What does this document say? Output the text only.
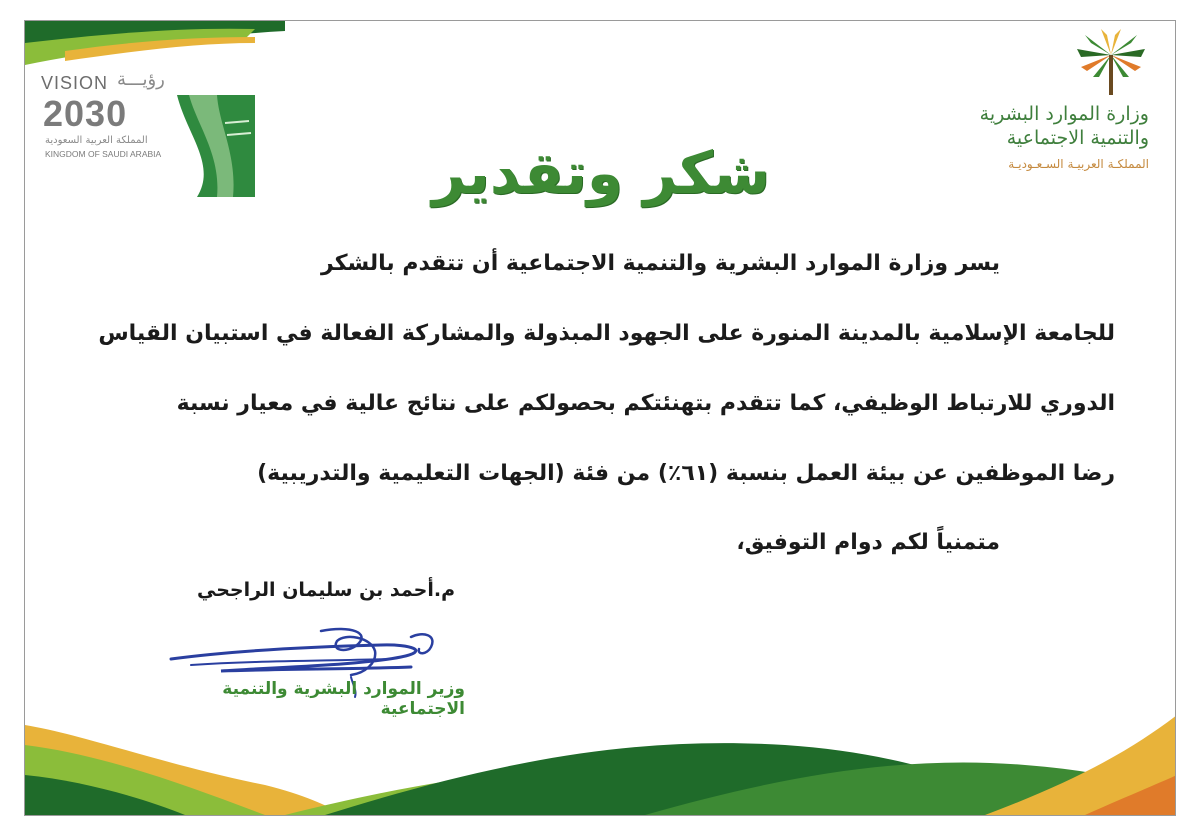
VISION رؤيـــة
2030
المملكة العربية السعودية
KINGDOM OF SAUDI ARABIA
وزارة الموارد البشرية
والتنمية الاجتماعية
المملكـة العربيـة السـعـوديـة
شكر وتقدير
يسر وزارة الموارد البشرية والتنمية الاجتماعية أن تتقدم بالشكر
للجامعة الإسلامية بالمدينة المنورة على الجهود المبذولة والمشاركة الفعالة في استبيان القياس
الدوري للارتباط الوظيفي، كما تتقدم بتهنئتكم بحصولكم على نتائج عالية في معيار نسبة
رضا الموظفين عن بيئة العمل بنسبة (٦١٪) من فئة (الجهات التعليمية والتدريبية)
متمنياً لكم دوام التوفيق،
م.أحمد بن سليمان الراجحي
وزير الموارد البشرية والتنمية الاجتماعية
